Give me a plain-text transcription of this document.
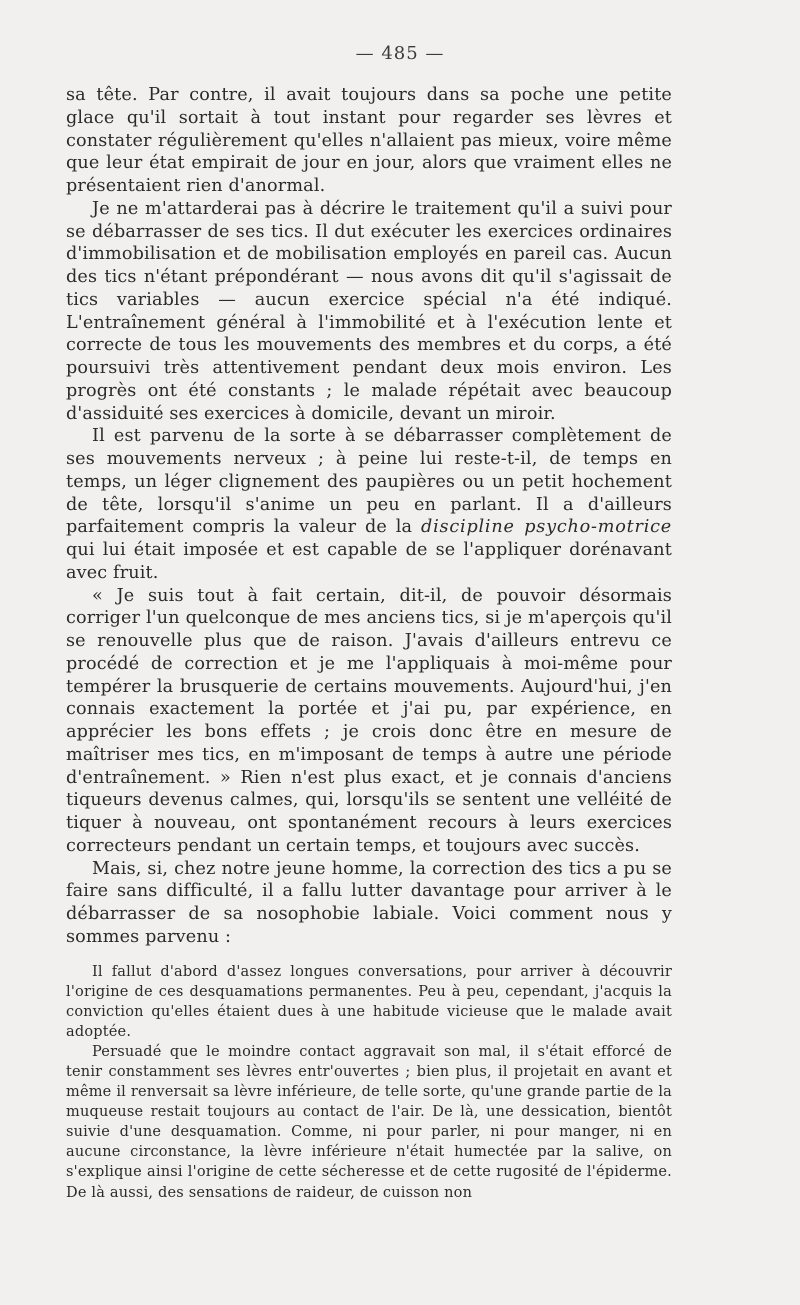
— 485 —

sa tête. Par contre, il avait toujours dans sa poche une petite glace qu'il sortait à tout instant pour regarder ses lèvres et constater régulièrement qu'elles n'allaient pas mieux, voire même que leur état empirait de jour en jour, alors que vraiment elles ne présentaient rien d'anormal.

Je ne m'attarderai pas à décrire le traitement qu'il a suivi pour se débarrasser de ses tics. Il dut exécuter les exercices ordinaires d'immobilisation et de mobilisation employés en pareil cas. Aucun des tics n'étant prépondérant — nous avons dit qu'il s'agissait de tics variables — aucun exercice spécial n'a été indiqué. L'entraînement général à l'immobilité et à l'exécution lente et correcte de tous les mouvements des membres et du corps, a été poursuivi très attentivement pendant deux mois environ. Les progrès ont été constants ; le malade répétait avec beaucoup d'assiduité ses exercices à domicile, devant un miroir.

Il est parvenu de la sorte à se débarrasser complètement de ses mouvements nerveux ; à peine lui reste-t-il, de temps en temps, un léger clignement des paupières ou un petit hochement de tête, lorsqu'il s'anime un peu en parlant. Il a d'ailleurs parfaitement compris la valeur de la discipline psycho-motrice qui lui était imposée et est capable de se l'appliquer dorénavant avec fruit.

« Je suis tout à fait certain, dit-il, de pouvoir désormais corriger l'un quelconque de mes anciens tics, si je m'aperçois qu'il se renouvelle plus que de raison. J'avais d'ailleurs entrevu ce procédé de correction et je me l'appliquais à moi-même pour tempérer la brusquerie de certains mouvements. Aujourd'hui, j'en connais exactement la portée et j'ai pu, par expérience, en apprécier les bons effets ; je crois donc être en mesure de maîtriser mes tics, en m'imposant de temps à autre une période d'entraînement. » Rien n'est plus exact, et je connais d'anciens tiqueurs devenus calmes, qui, lorsqu'ils se sentent une velléité de tiquer à nouveau, ont spontanément recours à leurs exercices correcteurs pendant un certain temps, et toujours avec succès.

Mais, si, chez notre jeune homme, la correction des tics a pu se faire sans difficulté, il a fallu lutter davantage pour arriver à le débarrasser de sa nosophobie labiale. Voici comment nous y sommes parvenu :

Il fallut d'abord d'assez longues conversations, pour arriver à découvrir l'origine de ces desquamations permanentes. Peu à peu, cependant, j'acquis la conviction qu'elles étaient dues à une habitude vicieuse que le malade avait adoptée.

Persuadé que le moindre contact aggravait son mal, il s'était efforcé de tenir constamment ses lèvres entr'ouvertes ; bien plus, il projetait en avant et même il renversait sa lèvre inférieure, de telle sorte, qu'une grande partie de la muqueuse restait toujours au contact de l'air. De là, une dessication, bientôt suivie d'une desquamation. Comme, ni pour parler, ni pour manger, ni en aucune circonstance, la lèvre inférieure n'était humectée par la salive, on s'explique ainsi l'origine de cette sécheresse et de cette rugosité de l'épiderme. De là aussi, des sensations de raideur, de cuisson non
